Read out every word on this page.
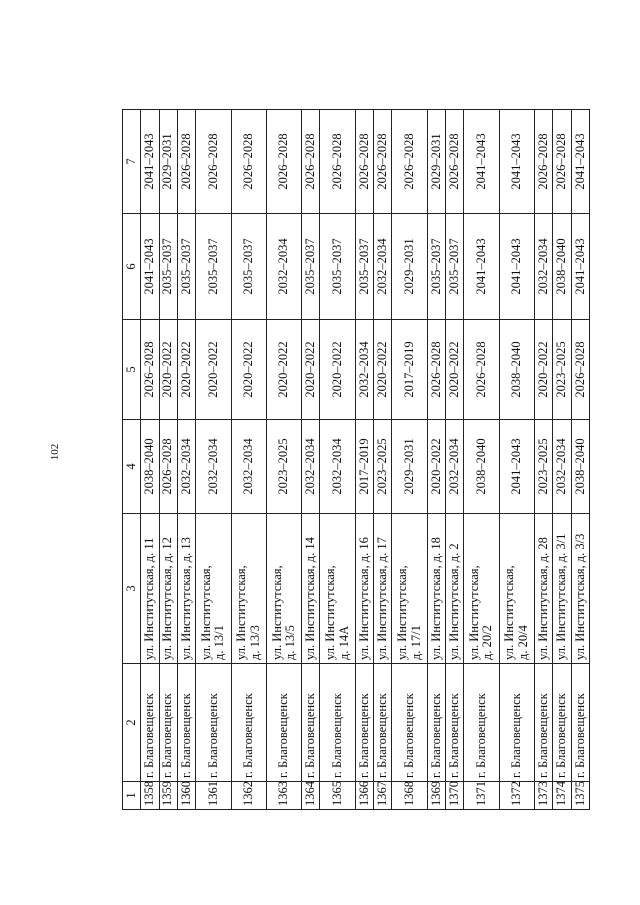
102
1	2	3	4	5	6	7
1358	г. Благовещенск	ул. Институтская, д. 11	2038–2040	2026–2028	2041–2043	2041–2043
1359	г. Благовещенск	ул. Институтская, д. 12	2026–2028	2020–2022	2035–2037	2029–2031
1360	г. Благовещенск	ул. Институтская, д. 13	2032–2034	2020–2022	2035–2037	2026–2028
1361	г. Благовещенск	ул. Институтская,
д. 13/1	2032–2034	2020–2022	2035–2037	2026–2028
1362	г. Благовещенск	ул. Институтская,
д. 13/3	2032–2034	2020–2022	2035–2037	2026–2028
1363	г. Благовещенск	ул. Институтская,
д. 13/5	2023–2025	2020–2022	2032–2034	2026–2028
1364	г. Благовещенск	ул. Институтская, д. 14	2032–2034	2020–2022	2035–2037	2026–2028
1365	г. Благовещенск	ул. Институтская,
д. 14А	2032–2034	2020–2022	2035–2037	2026–2028
1366	г. Благовещенск	ул. Институтская, д. 16	2017–2019	2032–2034	2035–2037	2026–2028
1367	г. Благовещенск	ул. Институтская, д. 17	2023–2025	2020–2022	2032–2034	2026–2028
1368	г. Благовещенск	ул. Институтская,
д. 17/1	2029–2031	2017–2019	2029–2031	2026–2028
1369	г. Благовещенск	ул. Институтская, д. 18	2020–2022	2026–2028	2035–2037	2029–2031
1370	г. Благовещенск	ул. Институтская, д. 2	2032–2034	2020–2022	2035–2037	2026–2028
1371	г. Благовещенск	ул. Институтская,
д. 20/2	2038–2040	2026–2028	2041–2043	2041–2043
1372	г. Благовещенск	ул. Институтская,
д. 20/4	2041–2043	2038–2040	2041–2043	2041–2043
1373	г. Благовещенск	ул. Институтская, д. 28	2023–2025	2020–2022	2032–2034	2026–2028
1374	г. Благовещенск	ул. Институтская, д. 3/1	2032–2034	2023–2025	2038–2040	2026–2028
1375	г. Благовещенск	ул. Институтская, д. 3/3	2038–2040	2026–2028	2041–2043	2041–2043
